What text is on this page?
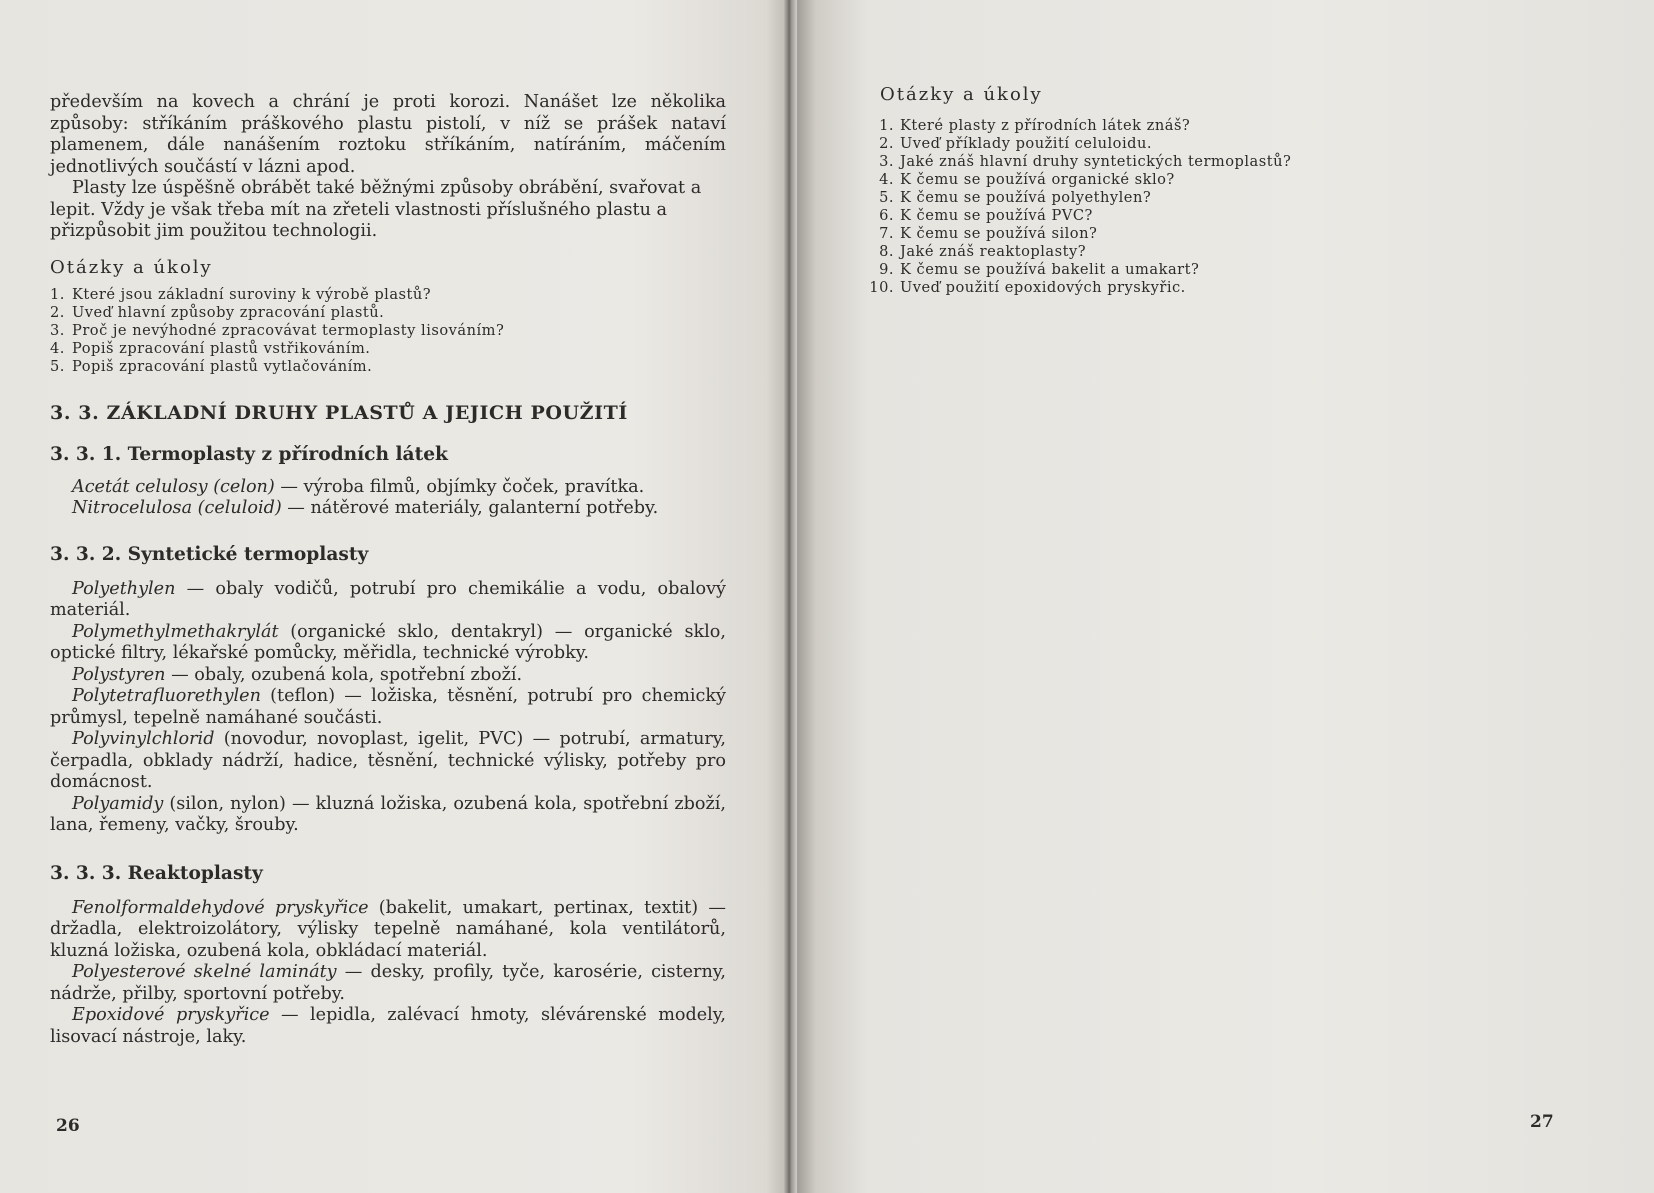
především na kovech a chrání je proti korozi. Nanášet lze několika způsoby: stříkáním práškového plastu pistolí, v níž se prášek nataví plamenem, dále nanášením roztoku stříkáním, natíráním, máčením jednotlivých součástí v lázni apod.

Plasty lze úspěšně obrábět také běžnými způsoby obrábění, svařovat a lepit. Vždy je však třeba mít na zřeteli vlastnosti příslušného plastu a přizpůsobit jim použitou technologii.

Otázky a úkoly

1. Které jsou základní suroviny k výrobě plastů?
2. Uveď hlavní způsoby zpracování plastů.
3. Proč je nevýhodné zpracovávat termoplasty lisováním?
4. Popiš zpracování plastů vstřikováním.
5. Popiš zpracování plastů vytlačováním.

3. 3. ZÁKLADNÍ DRUHY PLASTŮ A JEJICH POUŽITÍ

3. 3. 1. Termoplasty z přírodních látek

Acetát celulosy (celon) — výroba filmů, objímky čoček, pravítka.

Nitrocelulosa (celuloid) — nátěrové materiály, galanterní potřeby.

3. 3. 2. Syntetické termoplasty

Polyethylen — obaly vodičů, potrubí pro chemikálie a vodu, obalový materiál.

Polymethylmethakrylát (organické sklo, dentakryl) — organické sklo, optické filtry, lékařské pomůcky, měřidla, technické výrobky.

Polystyren — obaly, ozubená kola, spotřební zboží.

Polytetrafluorethylen (teflon) — ložiska, těsnění, potrubí pro chemický průmysl, tepelně namáhané součásti.

Polyvinylchlorid (novodur, novoplast, igelit, PVC) — potrubí, armatury, čerpadla, obklady nádrží, hadice, těsnění, technické výlisky, potřeby pro domácnost.

Polyamidy (silon, nylon) — kluzná ložiska, ozubená kola, spotřební zboží, lana, řemeny, vačky, šrouby.

3. 3. 3. Reaktoplasty

Fenolformaldehydové pryskyřice (bakelit, umakart, pertinax, textit) — držadla, elektroizolátory, výlisky tepelně namáhané, kola ventilátorů, kluzná ložiska, ozubená kola, obkládací materiál.

Polyesterové skelné lamináty — desky, profily, tyče, karosérie, cisterny, nádrže, přilby, sportovní potřeby.

Epoxidové pryskyřice — lepidla, zalévací hmoty, slévárenské modely, lisovací nástroje, laky.

26

Otázky a úkoly

1. Které plasty z přírodních látek znáš?
2. Uveď příklady použití celuloidu.
3. Jaké znáš hlavní druhy syntetických termoplastů?
4. K čemu se používá organické sklo?
5. K čemu se používá polyethylen?
6. K čemu se používá PVC?
7. K čemu se používá silon?
8. Jaké znáš reaktoplasty?
9. K čemu se používá bakelit a umakart?
10. Uveď použití epoxidových pryskyřic.
27
